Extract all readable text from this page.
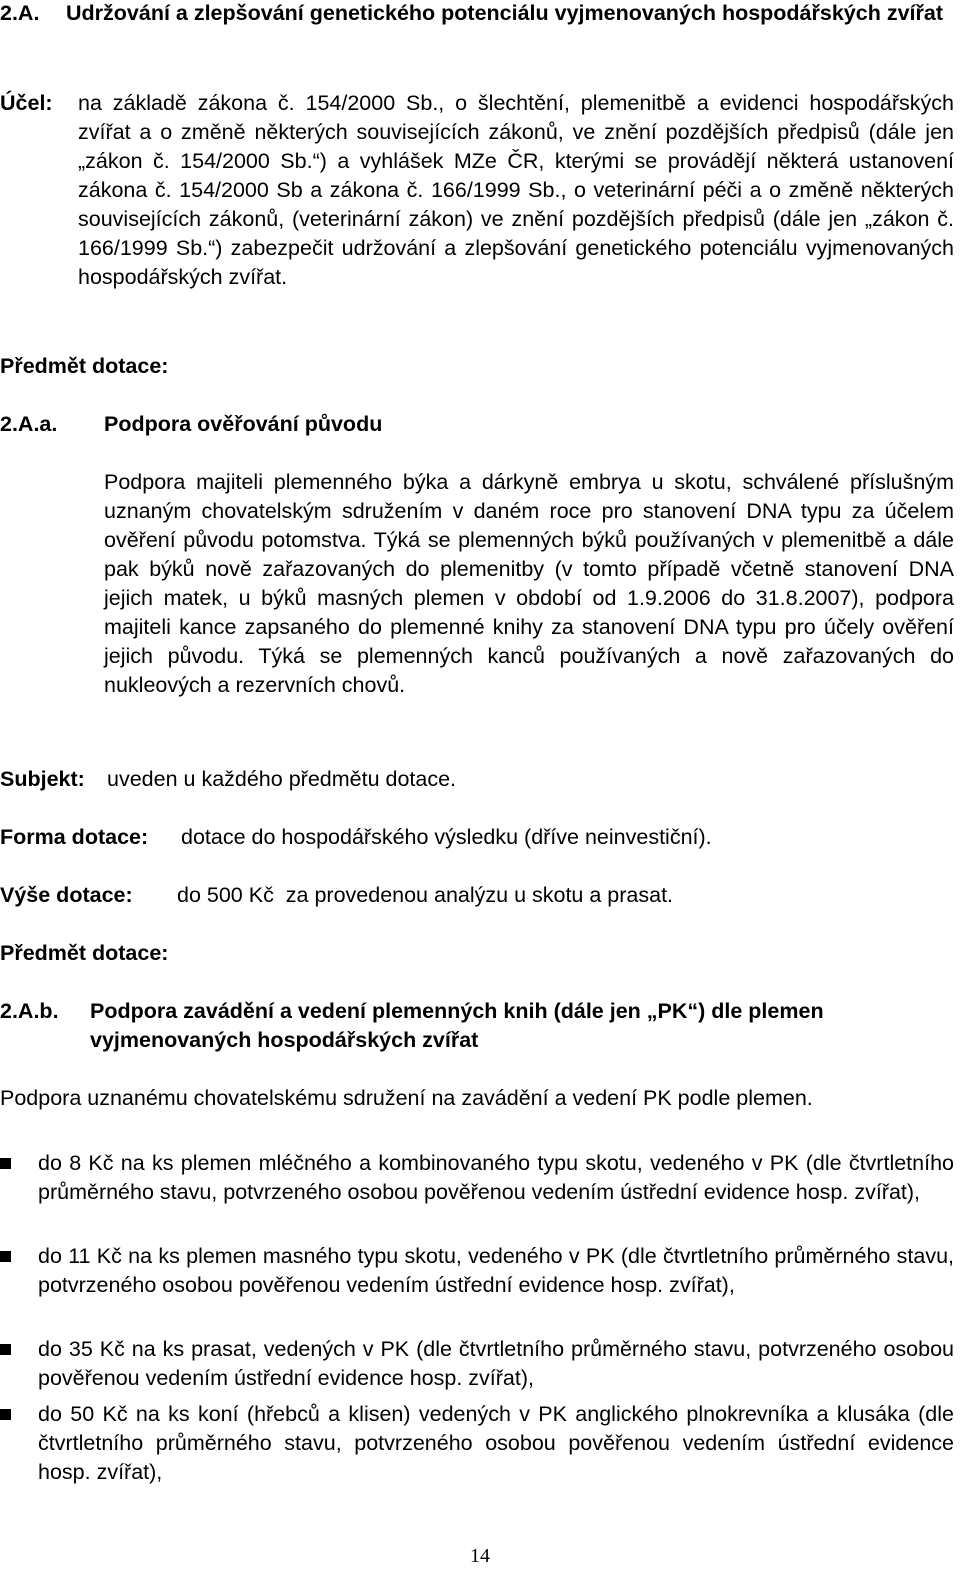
2.A. Udržování a zlepšování genetického potenciálu vyjmenovaných hospodářských zvířat
Účel: na základě zákona č. 154/2000 Sb., o šlechtění, plemenitbě a evidenci hospodářských zvířat a o změně některých souvisejících zákonů, ve znění pozdějších předpisů (dále jen „zákon č. 154/2000 Sb.“) a vyhlášek MZe ČR, kterými se provádějí některá ustanovení zákona č. 154/2000 Sb a zákona č. 166/1999 Sb., o veterinární péči a o změně některých souvisejících zákonů, (veterinární zákon) ve znění pozdějších předpisů (dále jen „zákon č. 166/1999 Sb.“) zabezpečit udržování a zlepšování genetického potenciálu vyjmenovaných hospodářských zvířat.
Předmět dotace:
2.A.a. Podpora ověřování původu
Podpora majiteli plemenného býka a dárkyně embrya u skotu, schválené příslušným uznaným chovatelským sdružením v daném roce pro stanovení DNA typu za účelem ověření původu potomstva. Týká se plemenných býků používaných v plemenitbě a dále pak býků nově zařazovaných do plemenitby (v tomto případě včetně stanovení DNA jejich matek, u býků masných plemen v období od 1.9.2006 do 31.8.2007), podpora majiteli kance zapsaného do plemenné knihy za stanovení DNA typu pro účely ověření jejich původu. Týká se plemenných kanců používaných a nově zařazovaných do nukleových a rezervních chovů.
Subjekt: uveden u každého předmětu dotace.
Forma dotace: dotace do hospodářského výsledku (dříve neinvestiční).
Výše dotace: do 500 Kč  za provedenou analýzu u skotu a prasat.
Předmět dotace:
2.A.b. Podpora zavádění a vedení plemenných knih (dále jen „PK“) dle plemen vyjmenovaných hospodářských zvířat
Podpora uznanému chovatelskému sdružení na zavádění a vedení PK podle plemen.
do 8 Kč na ks plemen mléčného a kombinovaného typu skotu, vedeného v PK (dle čtvrtletního průměrného stavu, potvrzeného osobou pověřenou vedením ústřední evidence hosp. zvířat),
do 11 Kč na ks plemen masného typu skotu, vedeného v PK (dle čtvrtletního průměrného stavu, potvrzeného osobou pověřenou vedením ústřední evidence hosp. zvířat),
do 35 Kč na ks prasat, vedených v PK (dle čtvrtletního průměrného stavu, potvrzeného osobou pověřenou vedením ústřední evidence hosp. zvířat),
do 50 Kč na ks koní (hřebců a klisen) vedených v PK anglického plnokrevníka a klusáka (dle čtvrtletního průměrného stavu, potvrzeného osobou pověřenou vedením ústřední evidence hosp. zvířat),
14
